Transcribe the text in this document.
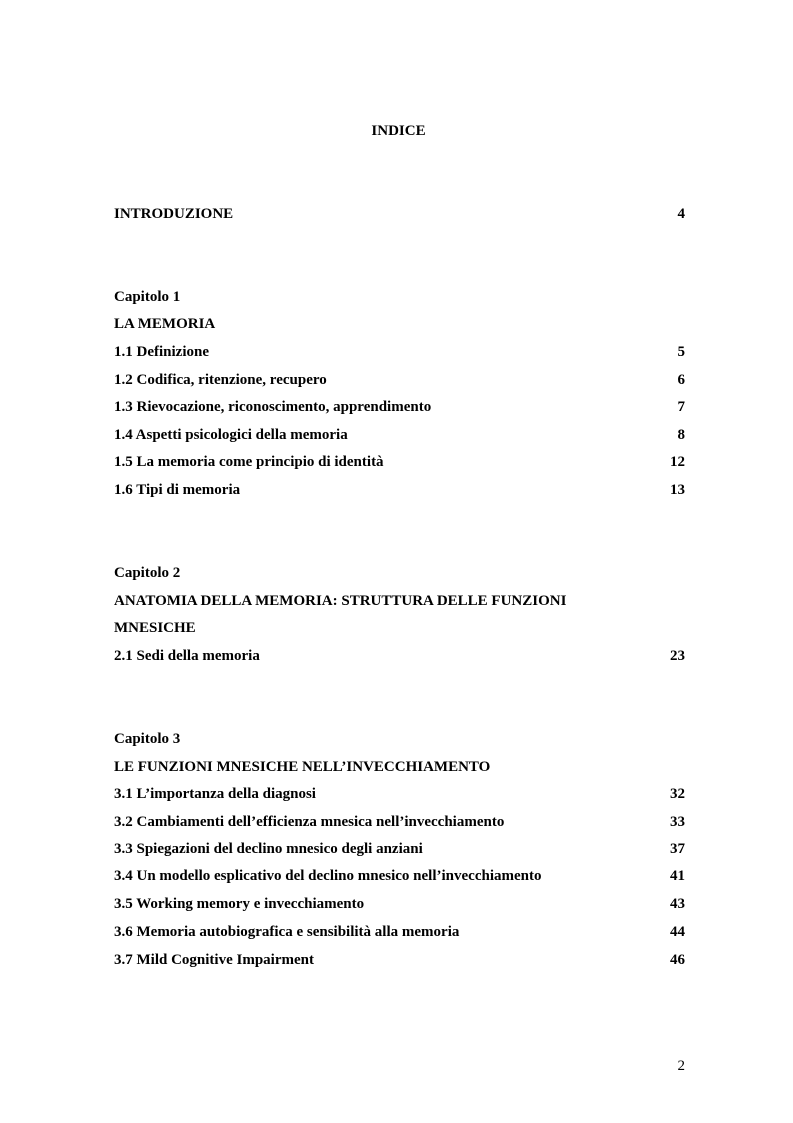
INDICE
INTRODUZIONE	4
Capitolo 1
LA MEMORIA
1.1 Definizione	5
1.2 Codifica, ritenzione, recupero	6
1.3 Rievocazione, riconoscimento, apprendimento	7
1.4 Aspetti psicologici della memoria	8
1.5 La memoria come principio di identità	12
1.6 Tipi di memoria	13
Capitolo 2
ANATOMIA DELLA MEMORIA: STRUTTURA DELLE FUNZIONI
MNESICHE
2.1 Sedi della memoria	23
Capitolo 3
LE FUNZIONI MNESICHE NELL’INVECCHIAMENTO
3.1 L’importanza della diagnosi	32
3.2 Cambiamenti dell’efficienza mnesica nell’invecchiamento	33
3.3 Spiegazioni del declino mnesico degli anziani	37
3.4 Un modello esplicativo del declino mnesico nell’invecchiamento	41
3.5 Working memory e invecchiamento	43
3.6 Memoria autobiografica e sensibilità alla memoria	44
3.7 Mild Cognitive Impairment	46
2
